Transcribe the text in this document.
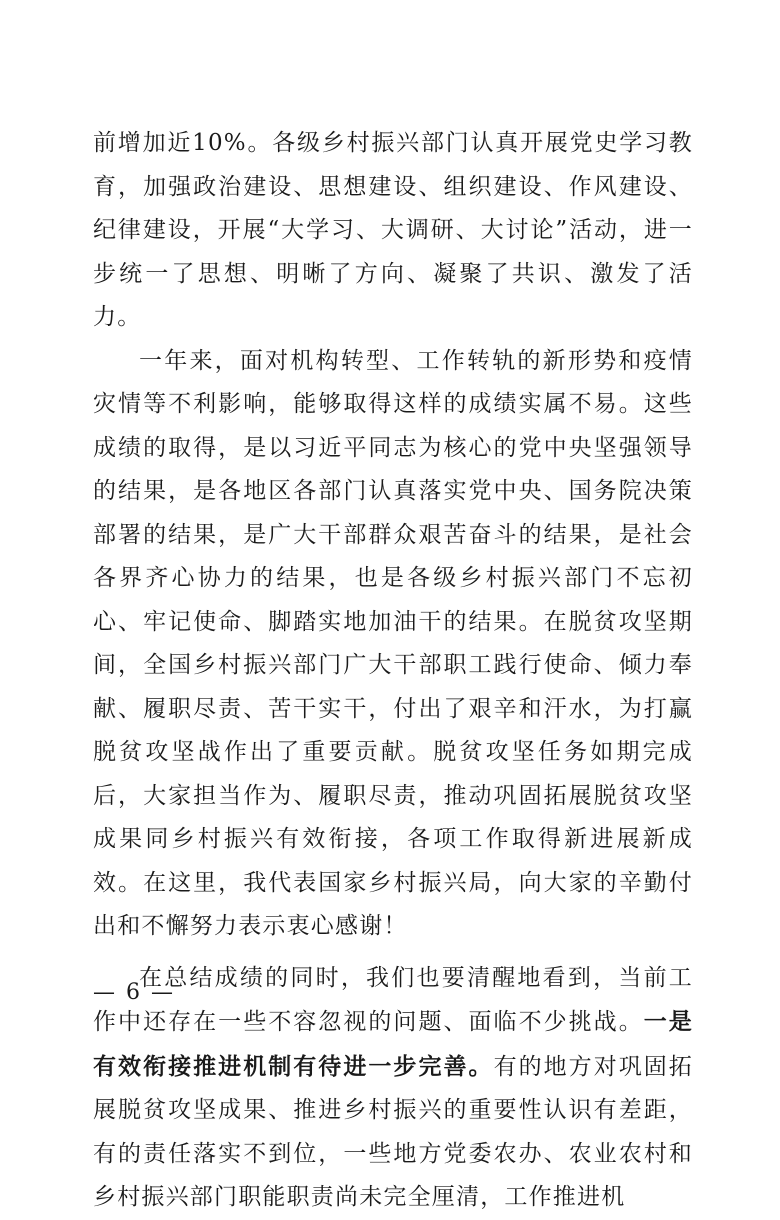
前增加近10%。各级乡村振兴部门认真开展党史学习教育，加强政治建设、思想建设、组织建设、作风建设、纪律建设，开展“大学习、大调研、大讨论”活动，进一步统一了思想、明晰了方向、凝聚了共识、激发了活力。

一年来，面对机构转型、工作转轨的新形势和疫情灾情等不利影响，能够取得这样的成绩实属不易。这些成绩的取得，是以习近平同志为核心的党中央坚强领导的结果，是各地区各部门认真落实党中央、国务院决策部署的结果，是广大干部群众艰苦奋斗的结果，是社会各界齐心协力的结果，也是各级乡村振兴部门不忘初心、牢记使命、脚踏实地加油干的结果。在脱贫攻坚期间，全国乡村振兴部门广大干部职工践行使命、倾力奉献、履职尽责、苦干实干，付出了艰辛和汗水，为打赢脱贫攻坚战作出了重要贡献。脱贫攻坚任务如期完成后，大家担当作为、履职尽责，推动巩固拓展脱贫攻坚成果同乡村振兴有效衔接，各项工作取得新进展新成效。在这里，我代表国家乡村振兴局，向大家的辛勤付出和不懈努力表示衷心感谢！

在总结成绩的同时，我们也要清醒地看到，当前工作中还存在一些不容忽视的问题、面临不少挑战。一是有效衔接推进机制有待进一步完善。有的地方对巩固拓展脱贫攻坚成果、推进乡村振兴的重要性认识有差距，有的责任落实不到位，一些地方党委农办、农业农村和乡村振兴部门职能职责尚未完全厘清，工作推进机

— 6 —
